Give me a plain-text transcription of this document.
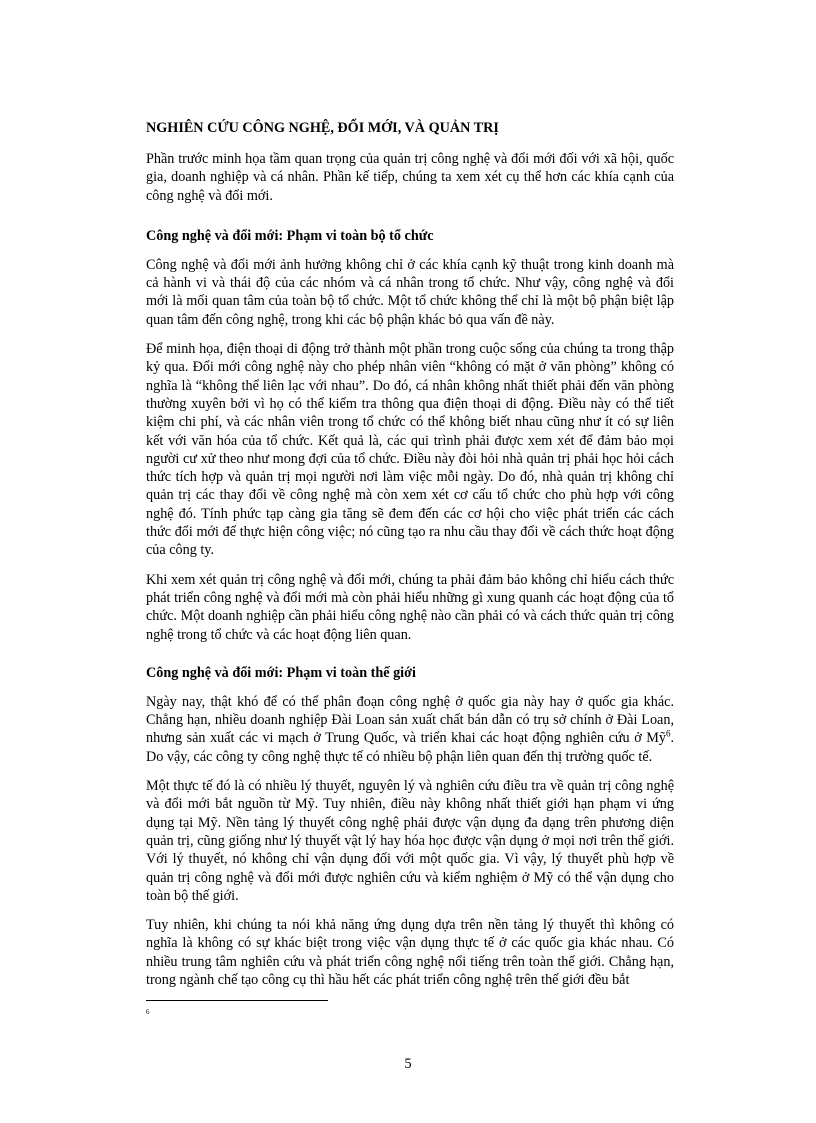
NGHIÊN CỨU CÔNG NGHỆ, ĐỔI MỚI, VÀ QUẢN TRỊ

Phần trước minh họa tầm quan trọng của quản trị công nghệ và đổi mới đối với xã hội, quốc gia, doanh nghiệp và cá nhân. Phần kế tiếp, chúng ta xem xét cụ thể hơn các khía cạnh của công nghệ và đổi mới.

Công nghệ và đổi mới: Phạm vi toàn bộ tổ chức

Công nghệ và đổi mới ảnh hưởng không chỉ ở các khía cạnh kỹ thuật trong kinh doanh mà cả hành vi và thái độ của các nhóm và cá nhân trong tổ chức. Như vậy, công nghệ và đổi mới là mối quan tâm của toàn bộ tổ chức. Một tổ chức không thể chỉ là một bộ phận biệt lập quan tâm đến công nghệ, trong khi các bộ phận khác bỏ qua vấn đề này.

Để minh họa, điện thoại di động trở thành một phần trong cuộc sống của chúng ta trong thập kỷ qua. Đổi mới công nghệ này cho phép nhân viên “không có mặt ở văn phòng” không có nghĩa là “không thể liên lạc với nhau”. Do đó, cá nhân không nhất thiết phải đến văn phòng thường xuyên bởi vì họ có thể kiểm tra thông qua điện thoại di động. Điều này có thể tiết kiệm chi phí, và các nhân viên trong tổ chức có thể không biết nhau cũng như ít có sự liên kết với văn hóa của tổ chức. Kết quả là, các qui trình phải được xem xét để đảm bảo mọi người cư xử theo như mong đợi của tổ chức. Điều này đòi hỏi nhà quản trị phải học hỏi cách thức tích hợp và quản trị mọi người nơi làm việc mỗi ngày. Do đó, nhà quản trị không chỉ quản trị các thay đổi về công nghệ mà còn xem xét cơ cấu tổ chức cho phù hợp với công nghệ đó. Tính phức tạp càng gia tăng sẽ đem đến các cơ hội cho việc phát triển các cách thức đổi mới để thực hiện công việc; nó cũng tạo ra nhu cầu thay đổi về cách thức hoạt động của công ty.

Khi xem xét quản trị công nghệ và đổi mới, chúng ta phải đảm bảo không chỉ hiểu cách thức phát triển công nghệ và đổi mới mà còn phải hiểu những gì xung quanh các hoạt động của tổ chức. Một doanh nghiệp cần phải hiểu công nghệ nào cần phải có và cách thức quản trị công nghệ trong tổ chức và các hoạt động liên quan.

Công nghệ và đổi mới: Phạm vi toàn thế giới

Ngày nay, thật khó để có thể phân đoạn công nghệ ở quốc gia này hay ở quốc gia khác. Chẳng hạn, nhiều doanh nghiệp Đài Loan sản xuất chất bán dẫn có trụ sở chính ở Đài Loan, nhưng sản xuất các vi mạch ở Trung Quốc, và triển khai các hoạt động nghiên cứu ở Mỹ$^6$. Do vậy, các công ty công nghệ thực tế có nhiều bộ phận liên quan đến thị trường quốc tế.

Một thực tế đó là có nhiều lý thuyết, nguyên lý và nghiên cứu điều tra về quản trị công nghệ và đổi mới bắt nguồn từ Mỹ. Tuy nhiên, điều này không nhất thiết giới hạn phạm vi ứng dụng tại Mỹ. Nền tảng lý thuyết công nghệ phải được vận dụng đa dạng trên phương diện quản trị, cũng giống như lý thuyết vật lý hay hóa học được vận dụng ở mọi nơi trên thế giới. Với lý thuyết, nó không chỉ vận dụng đối với một quốc gia. Vì vậy, lý thuyết phù hợp về quản trị công nghệ và đổi mới được nghiên cứu và kiểm nghiệm ở Mỹ có thể vận dụng cho toàn bộ thế giới.

Tuy nhiên, khi chúng ta nói khả năng ứng dụng dựa trên nền tảng lý thuyết thì không có nghĩa là không có sự khác biệt trong việc vận dụng thực tế ở các quốc gia khác nhau. Có nhiều trung tâm nghiên cứu và phát triển công nghệ nổi tiếng trên toàn thế giới. Chẳng hạn, trong ngành chế tạo công cụ thì hầu hết các phát triển công nghệ trên thế giới đều bắt

6
5
